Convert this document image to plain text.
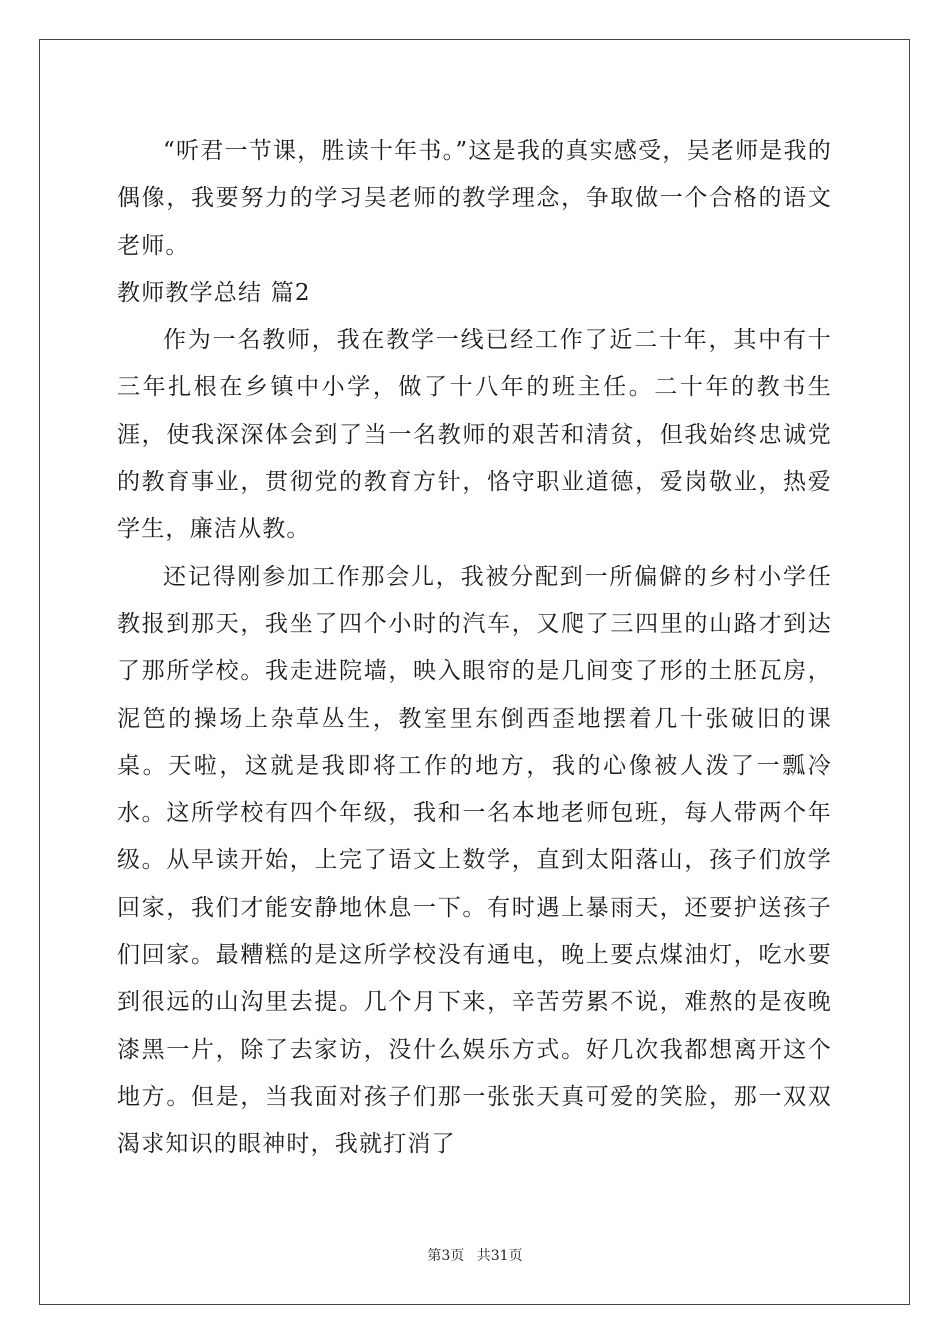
“听君一节课，胜读十年书。”这是我的真实感受，吴老师是我的偶像，我要努力的学习吴老师的教学理念，争取做一个合格的语文老师。

教师教学总结 篇2

作为一名教师，我在教学一线已经工作了近二十年，其中有十三年扎根在乡镇中小学，做了十八年的班主任。二十年的教书生涯，使我深深体会到了当一名教师的艰苦和清贫，但我始终忠诚党的教育事业，贯彻党的教育方针，恪守职业道德，爱岗敬业，热爱学生，廉洁从教。

还记得刚参加工作那会儿，我被分配到一所偏僻的乡村小学任教报到那天，我坐了四个小时的汽车，又爬了三四里的山路才到达了那所学校。我走进院墙，映入眼帘的是几间变了形的土胚瓦房，泥笆的操场上杂草丛生，教室里东倒西歪地摆着几十张破旧的课桌。天啦，这就是我即将工作的地方，我的心像被人泼了一瓢冷水。这所学校有四个年级，我和一名本地老师包班，每人带两个年级。从早读开始，上完了语文上数学，直到太阳落山，孩子们放学回家，我们才能安静地休息一下。有时遇上暴雨天，还要护送孩子们回家。最糟糕的是这所学校没有通电，晚上要点煤油灯，吃水要到很远的山沟里去提。几个月下来，辛苦劳累不说，难熬的是夜晚漆黑一片，除了去家访，没什么娱乐方式。好几次我都想离开这个地方。但是，当我面对孩子们那一张张天真可爱的笑脸，那一双双渴求知识的眼神时，我就打消了

第3页 共31页
